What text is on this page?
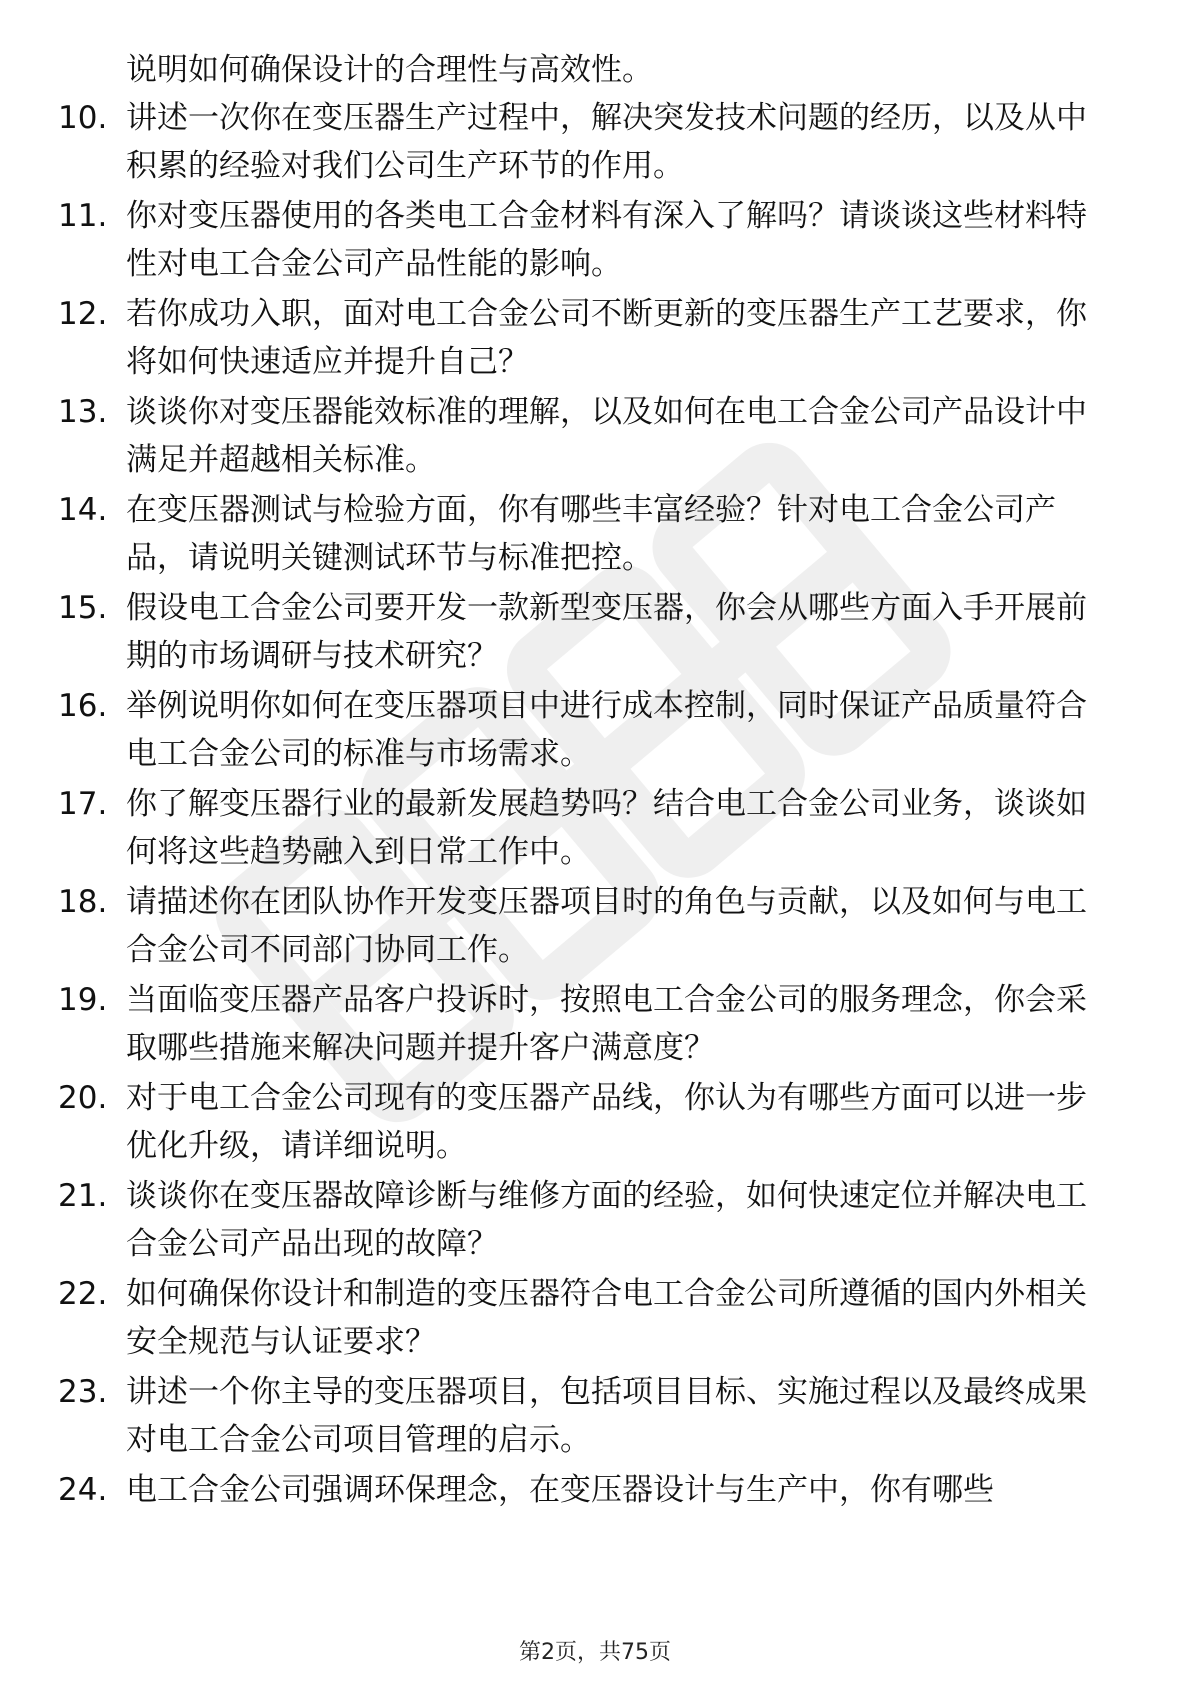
说明如何确保设计的合理性与高效性。
10. 讲述一次你在变压器生产过程中，解决突发技术问题的经历，以及从中积累的经验对我们公司生产环节的作用。
11. 你对变压器使用的各类电工合金材料有深入了解吗？请谈谈这些材料特性对电工合金公司产品性能的影响。
12. 若你成功入职，面对电工合金公司不断更新的变压器生产工艺要求，你将如何快速适应并提升自己？
13. 谈谈你对变压器能效标准的理解，以及如何在电工合金公司产品设计中满足并超越相关标准。
14. 在变压器测试与检验方面，你有哪些丰富经验？针对电工合金公司产品，请说明关键测试环节与标准把控。
15. 假设电工合金公司要开发一款新型变压器，你会从哪些方面入手开展前期的市场调研与技术研究？
16. 举例说明你如何在变压器项目中进行成本控制，同时保证产品质量符合电工合金公司的标准与市场需求。
17. 你了解变压器行业的最新发展趋势吗？结合电工合金公司业务，谈谈如何将这些趋势融入到日常工作中。
18. 请描述你在团队协作开发变压器项目时的角色与贡献，以及如何与电工合金公司不同部门协同工作。
19. 当面临变压器产品客户投诉时，按照电工合金公司的服务理念，你会采取哪些措施来解决问题并提升客户满意度？
20. 对于电工合金公司现有的变压器产品线，你认为有哪些方面可以进一步优化升级，请详细说明。
21. 谈谈你在变压器故障诊断与维修方面的经验，如何快速定位并解决电工合金公司产品出现的故障？
22. 如何确保你设计和制造的变压器符合电工合金公司所遵循的国内外相关安全规范与认证要求？
23. 讲述一个你主导的变压器项目，包括项目目标、实施过程以及最终成果对电工合金公司项目管理的启示。
24. 电工合金公司强调环保理念，在变压器设计与生产中，你有哪些
第2页，共75页
